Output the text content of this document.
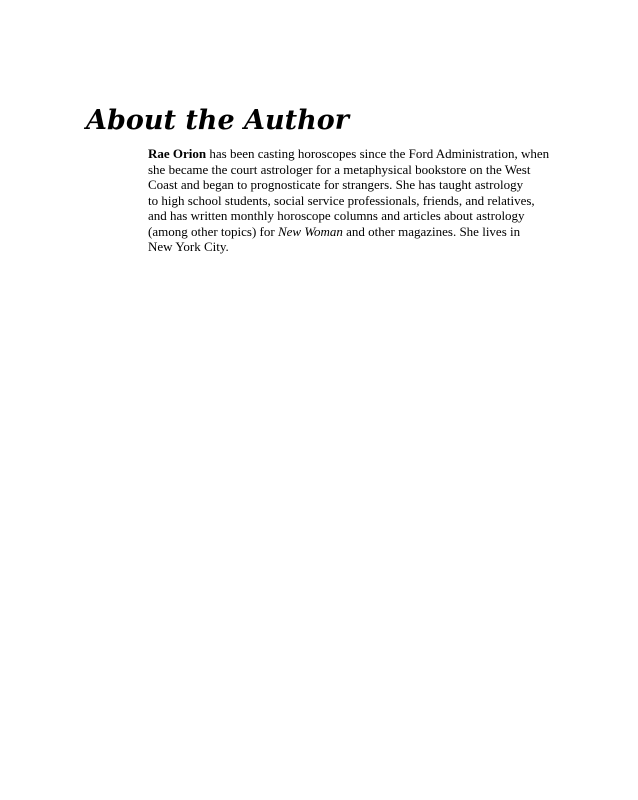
About the Author
Rae Orion has been casting horoscopes since the Ford Administration, when
she became the court astrologer for a metaphysical bookstore on the West
Coast and began to prognosticate for strangers. She has taught astrology
to high school students, social service professionals, friends, and relatives,
and has written monthly horoscope columns and articles about astrology
(among other topics) for New Woman and other magazines. She lives in
New York City.
